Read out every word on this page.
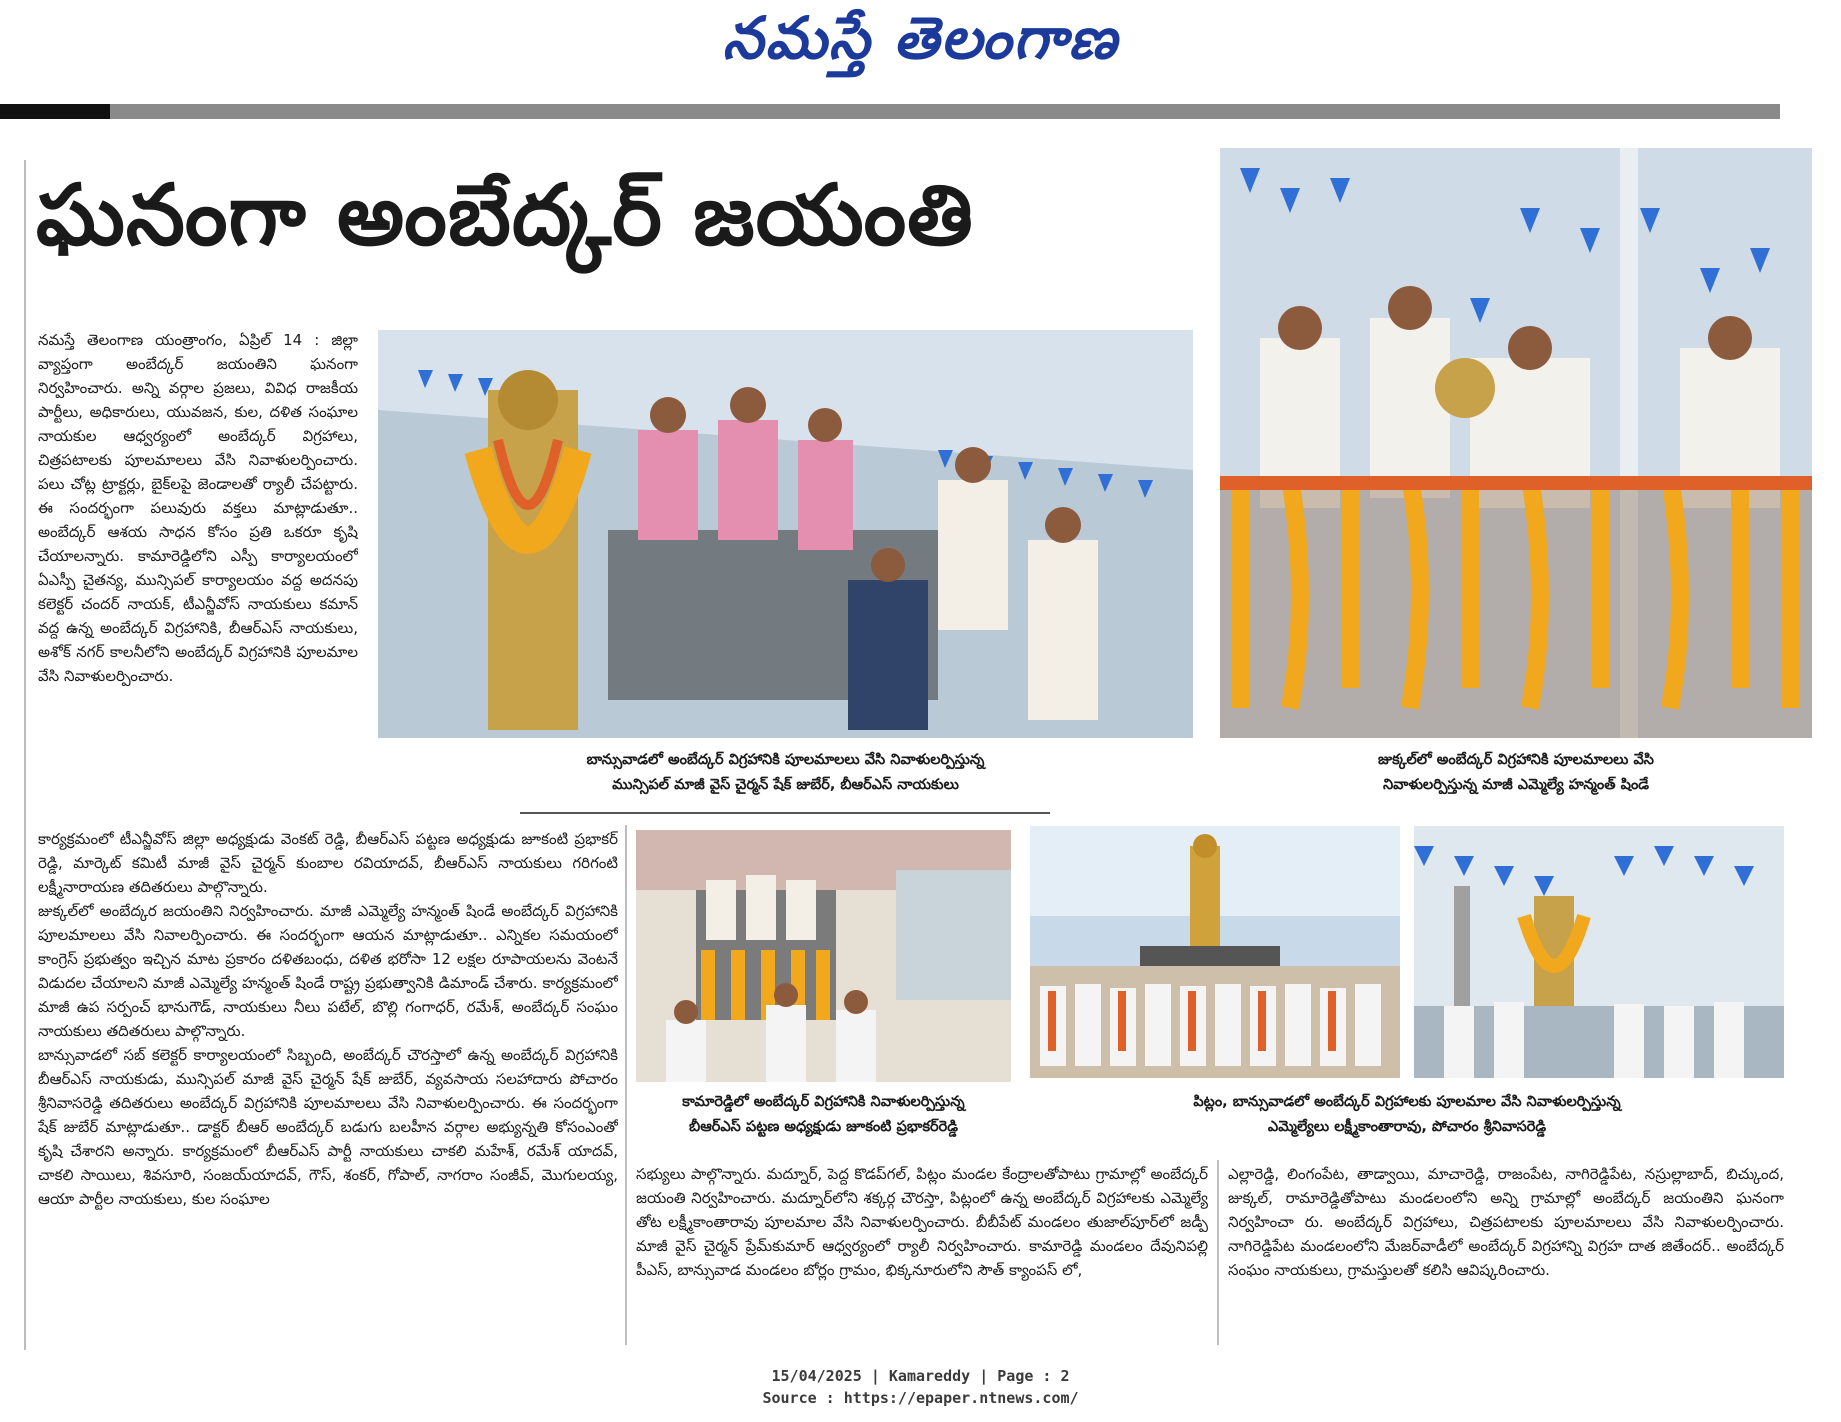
నమస్తే తెలంగాణ
ఘనంగా అంబేద్కర్ జయంతి

నమస్తే తెలంగాణ యంత్రాంగం, ఏప్రిల్ 14 : జిల్లా వ్యాప్తంగా అంబేద్కర్ జయంతిని ఘనంగా నిర్వహించారు. అన్ని వర్గాల ప్రజలు, వివిధ రాజకీయ పార్టీలు, అధికారులు, యువజన, కుల, దళిత సంఘాల నాయకుల ఆధ్వర్యంలో అంబేద్కర్ విగ్రహాలు, చిత్రపటాలకు పూలమాలలు వేసి నివాళులర్పించారు. పలు చోట్ల ట్రాక్టర్లు, బైక్‌లపై జెండాలతో ర్యాలీ చేపట్టారు. ఈ సందర్భంగా పలువురు వక్తలు మాట్లాడుతూ.. అంబేద్కర్ ఆశయ సాధన కోసం ప్రతి ఒకరూ కృషి చేయాలన్నారు. కామారెడ్డిలోని ఎస్పీ కార్యాలయంలో ఏఎస్పీ చైతన్య, మున్సిపల్ కార్యాలయం వద్ద అదనపు కలెక్టర్ చందర్ నాయక్, టీఎన్జీవోస్ నాయకులు కమాన్ వద్ద ఉన్న అంబేద్కర్ విగ్రహానికి, బీఆర్ఎస్ నాయకులు, అశోక్ నగర్ కాలనీలోని అంబేద్కర్ విగ్రహానికి పూలమాల వేసి నివాళులర్పించారు.

బాన్సువాడలో అంబేద్కర్ విగ్రహానికి పూలమాలలు వేసి నివాళులర్పిస్తున్న
మున్సిపల్ మాజీ వైస్ చైర్మన్ షేక్ జుబేర్, బీఆర్ఎస్ నాయకులు
జుక్కల్‌లో అంబేద్కర్ విగ్రహానికి పూలమాలలు వేసి
నివాళులర్పిస్తున్న మాజీ ఎమ్మెల్యే హన్మంత్ షిండే

కార్యక్రమంలో టీఎన్జీవోస్ జిల్లా అధ్యక్షుడు వెంకట్ రెడ్డి, బీఆర్ఎస్ పట్టణ అధ్యక్షుడు జూకంటి ప్రభాకర్ రెడ్డి, మార్కెట్ కమిటీ మాజీ వైస్ చైర్మన్ కుంబాల రవియాదవ్, బీఆర్ఎస్ నాయకులు గరిగంటి లక్ష్మీనారాయణ తదితరులు పాల్గొన్నారు.

జుక్కల్‌లో అంబేద్కర జయంతిని నిర్వహించారు. మాజీ ఎమ్మెల్యే హన్మంత్ షిండే అంబేద్కర్ విగ్రహానికి పూలమాలలు వేసి నివాలర్పించారు. ఈ సందర్భంగా ఆయన మాట్లాడుతూ.. ఎన్నికల సమయంలో కాంగ్రెస్ ప్రభుత్వం ఇచ్చిన మాట ప్రకారం దళితబంధు, దళిత భరోసా 12 లక్షల రూపాయలను వెంటనే విడుదల చేయాలని మాజీ ఎమ్మెల్యే హన్మంత్ షిండే రాష్ట్ర ప్రభుత్వానికి డిమాండ్ చేశారు. కార్యక్రమంలో మాజీ ఉప సర్పంచ్ భానుగౌడ్, నాయకులు నీలు పటేల్, బొల్లి గంగాధర్, రమేశ్, అంబేద్కర్ సంఘం నాయకులు తదితరులు పాల్గొన్నారు.

బాన్సువాడలో సబ్ కలెక్టర్ కార్యాలయంలో సిబ్బంది, అంబేద్కర్ చౌరస్తాలో ఉన్న అంబేద్కర్ విగ్రహానికి బీఆర్ఎస్ నాయకుడు, మున్సిపల్ మాజీ వైస్ చైర్మన్ షేక్ జుబేర్, వ్యవసాయ సలహాదారు పోచారం శ్రీనివాసరెడ్డి తదితరులు అంబేద్కర్ విగ్రహానికి పూలమాలలు వేసి నివాళులర్పించారు. ఈ సందర్భంగా షేక్ జుబేర్ మాట్లాడుతూ.. డాక్టర్ బీఆర్ అంబేద్కర్ బడుగు బలహీన వర్గాల అభ్యున్నతి కోసంఎంతో కృషి చేశారని అన్నారు. కార్యక్రమంలో బీఆర్ఎస్ పార్టీ నాయకులు చాకలి మహేశ్, రమేశ్ యాదవ్, చాకలి సాయిలు, శివసూరి, సంజయ్‌యాదవ్, గౌస్, శంకర్, గోపాల్, నాగరాం సంజీవ్, మొగులయ్య, ఆయా పార్టీల నాయకులు, కుల సంఘాల

కామారెడ్డిలో అంబేద్కర్ విగ్రహానికి నివాళులర్పిస్తున్న
బీఆర్ఎస్ పట్టణ అధ్యక్షుడు జూకంటి ప్రభాకర్‌రెడ్డి
పిట్లం, బాన్సువాడలో అంబేద్కర్ విగ్రహాలకు పూలమాల వేసి నివాళులర్పిస్తున్న
ఎమ్మెల్యేలు లక్ష్మీకాంతారావు, పోచారం శ్రీనివాసరెడ్డి

సభ్యులు పాల్గొన్నారు. మద్నూర్, పెద్ద కొడప్‌గల్, పిట్లం మండల కేంద్రాలతోపాటు గ్రామాల్లో అంబేద్కర్ జయంతి నిర్వహించారు. మద్నూర్‌లోని శక్కర్గ చౌరస్తా, పిట్లంలో ఉన్న అంబేద్కర్ విగ్రహాలకు ఎమ్మెల్యే తోట లక్ష్మీకాంతారావు పూలమాల వేసి నివాళులర్పించారు. బీబీపేట్ మండలం తుజాల్‌పూర్‌లో జడ్పీ మాజీ వైస్ చైర్మన్ ప్రేమ్‌కుమార్ ఆధ్వర్యంలో ర్యాలీ నిర్వహించారు. కామారెడ్డి మండలం దేవునిపల్లి పీఎస్, బాన్సువాడ మండలం బోర్లం గ్రామం, భిక్కనూరులోని సౌత్ క్యాంపస్ లో,

ఎల్లారెడ్డి, లింగంపేట, తాడ్వాయి, మాచారెడ్డి, రాజంపేట, నాగిరెడ్డిపేట, నస్రుల్లాబాద్, బిచ్కుంద, జుక్కల్, రామారెడ్డితోపాటు మండలంలోని అన్ని గ్రామాల్లో అంబేద్కర్ జయంతిని ఘనంగా నిర్వహించా రు. అంబేద్కర్ విగ్రహాలు, చిత్రపటాలకు పూలమాలలు వేసి నివాళులర్పించారు. నాగిరెడ్డిపేట మండలంలోని మేజర్‌వాడీలో అంబేద్కర్ విగ్రహాన్ని విగ్రహ దాత జితేందర్.. అంబేద్కర్ సంఘం నాయకులు, గ్రామస్తులతో కలిసి ఆవిష్కరించారు.

15/04/2025 | Kamareddy | Page : 2
Source : https://epaper.ntnews.com/
